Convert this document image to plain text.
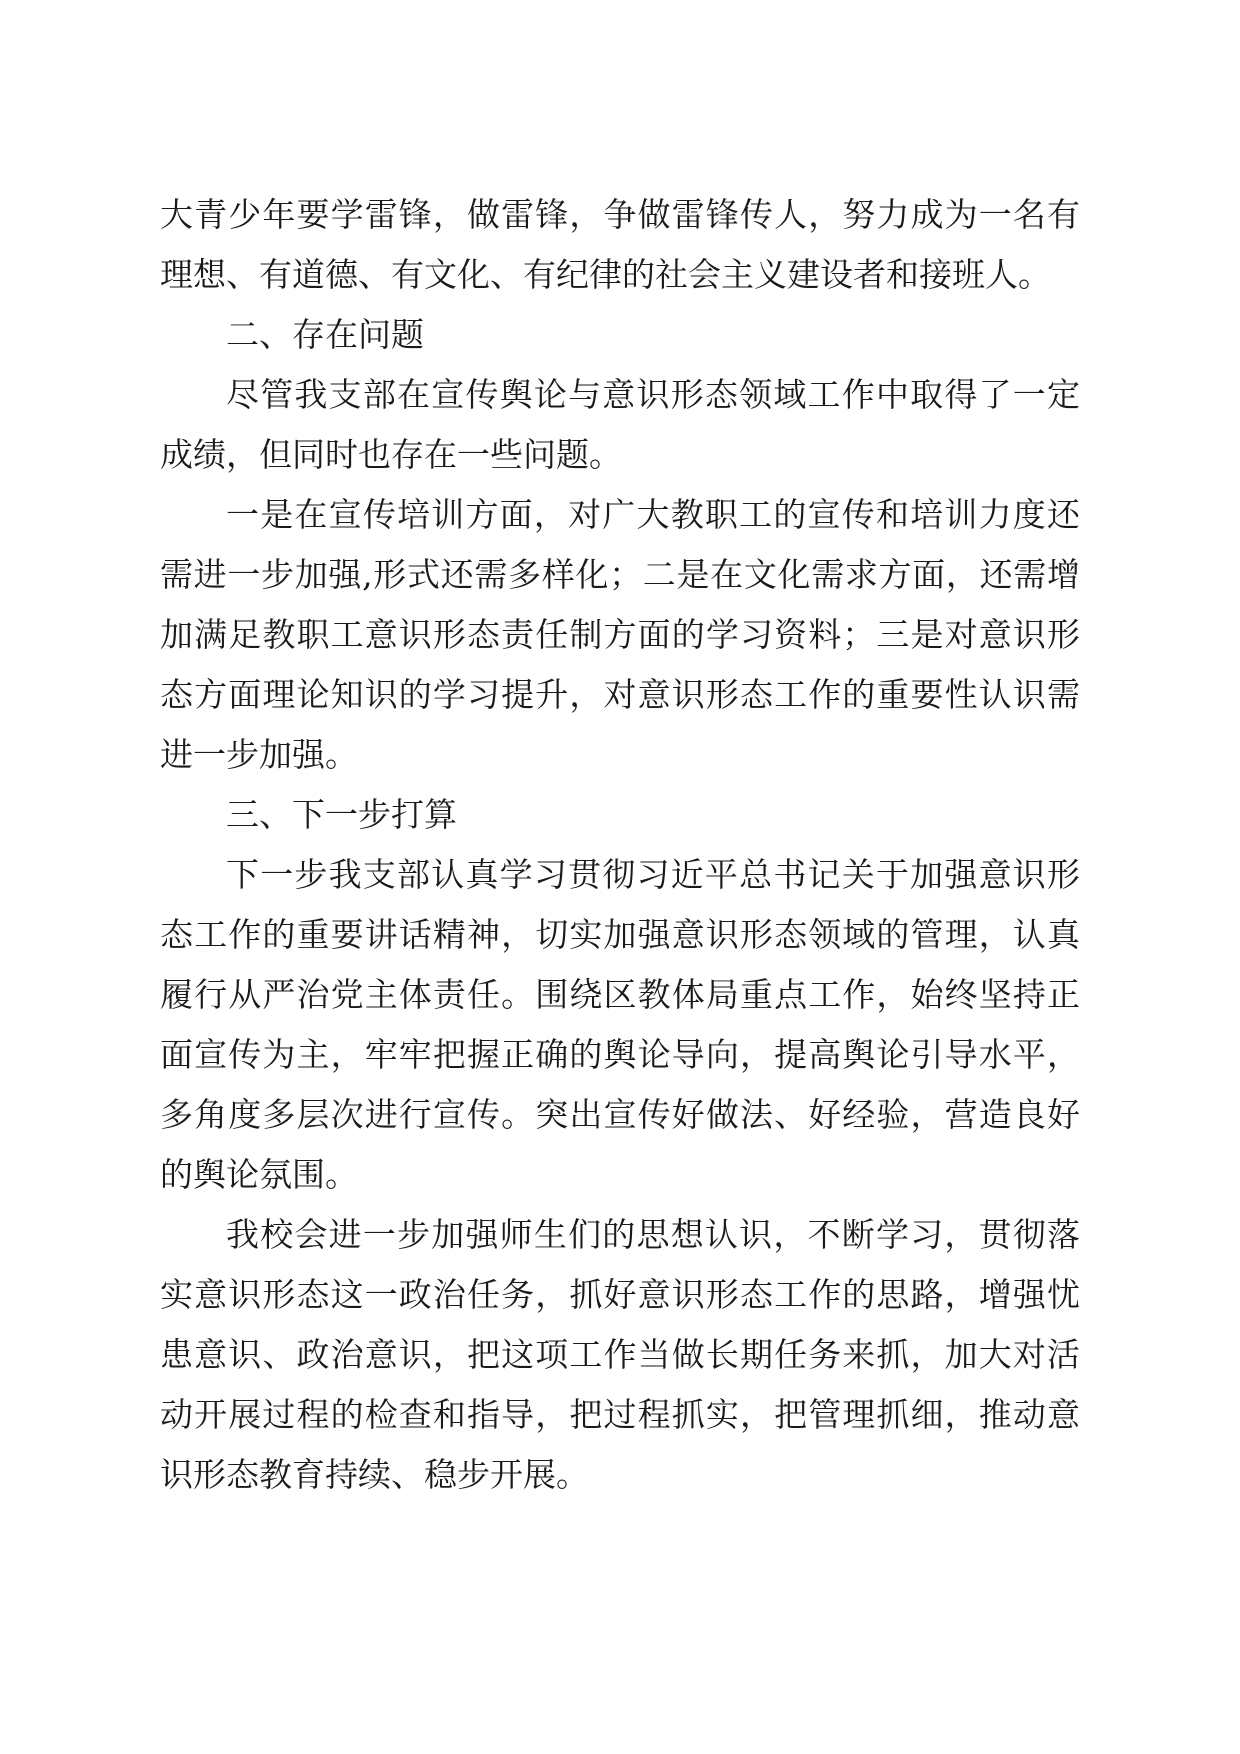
大青少年要学雷锋，做雷锋，争做雷锋传人，努力成为一名有
理想、有道德、有文化、有纪律的社会主义建设者和接班人。
二、存在问题
尽管我支部在宣传舆论与意识形态领域工作中取得了一定
成绩，但同时也存在一些问题。
一是在宣传培训方面，对广大教职工的宣传和培训力度还
需进一步加强,形式还需多样化；二是在文化需求方面，还需增
加满足教职工意识形态责任制方面的学习资料；三是对意识形
态方面理论知识的学习提升，对意识形态工作的重要性认识需
进一步加强。
三、下一步打算
下一步我支部认真学习贯彻习近平总书记关于加强意识形
态工作的重要讲话精神，切实加强意识形态领域的管理，认真
履行从严治党主体责任。围绕区教体局重点工作，始终坚持正
面宣传为主，牢牢把握正确的舆论导向，提高舆论引导水平，
多角度多层次进行宣传。突出宣传好做法、好经验，营造良好
的舆论氛围。
我校会进一步加强师生们的思想认识，不断学习，贯彻落
实意识形态这一政治任务，抓好意识形态工作的思路，增强忧
患意识、政治意识，把这项工作当做长期任务来抓，加大对活
动开展过程的检查和指导，把过程抓实，把管理抓细，推动意
识形态教育持续、稳步开展。
